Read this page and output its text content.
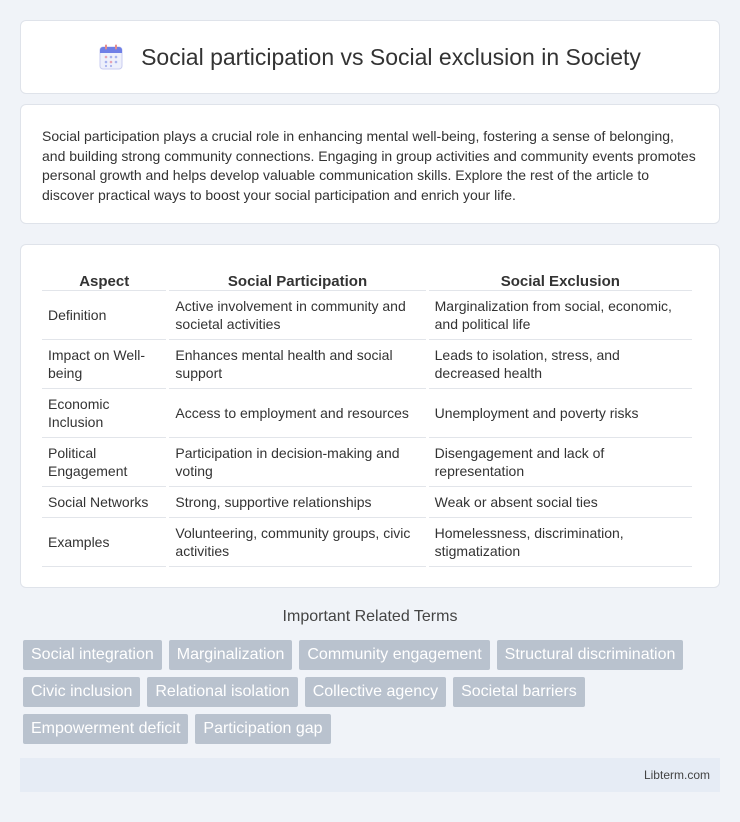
Social participation vs Social exclusion in Society

Social participation plays a crucial role in enhancing mental well-being, fostering a sense of belonging, and building strong community connections. Engaging in group activities and community events promotes personal growth and helps develop valuable communication skills. Explore the rest of the article to discover practical ways to boost your social participation and enrich your life.

Aspect	Social Participation	Social Exclusion
Definition	Active involvement in community and societal activities	Marginalization from social, economic, and political life
Impact on Well-being	Enhances mental health and social support	Leads to isolation, stress, and decreased health
Economic Inclusion	Access to employment and resources	Unemployment and poverty risks
Political Engagement	Participation in decision-making and voting	Disengagement and lack of representation
Social Networks	Strong, supportive relationships	Weak or absent social ties
Examples	Volunteering, community groups, civic activities	Homelessness, discrimination, stigmatization
Important Related Terms
Social integration	Marginalization	Community engagement	Structural discrimination
Civic inclusion	Relational isolation	Collective agency	Societal barriers
Empowerment deficit	Participation gap
Libterm.com
